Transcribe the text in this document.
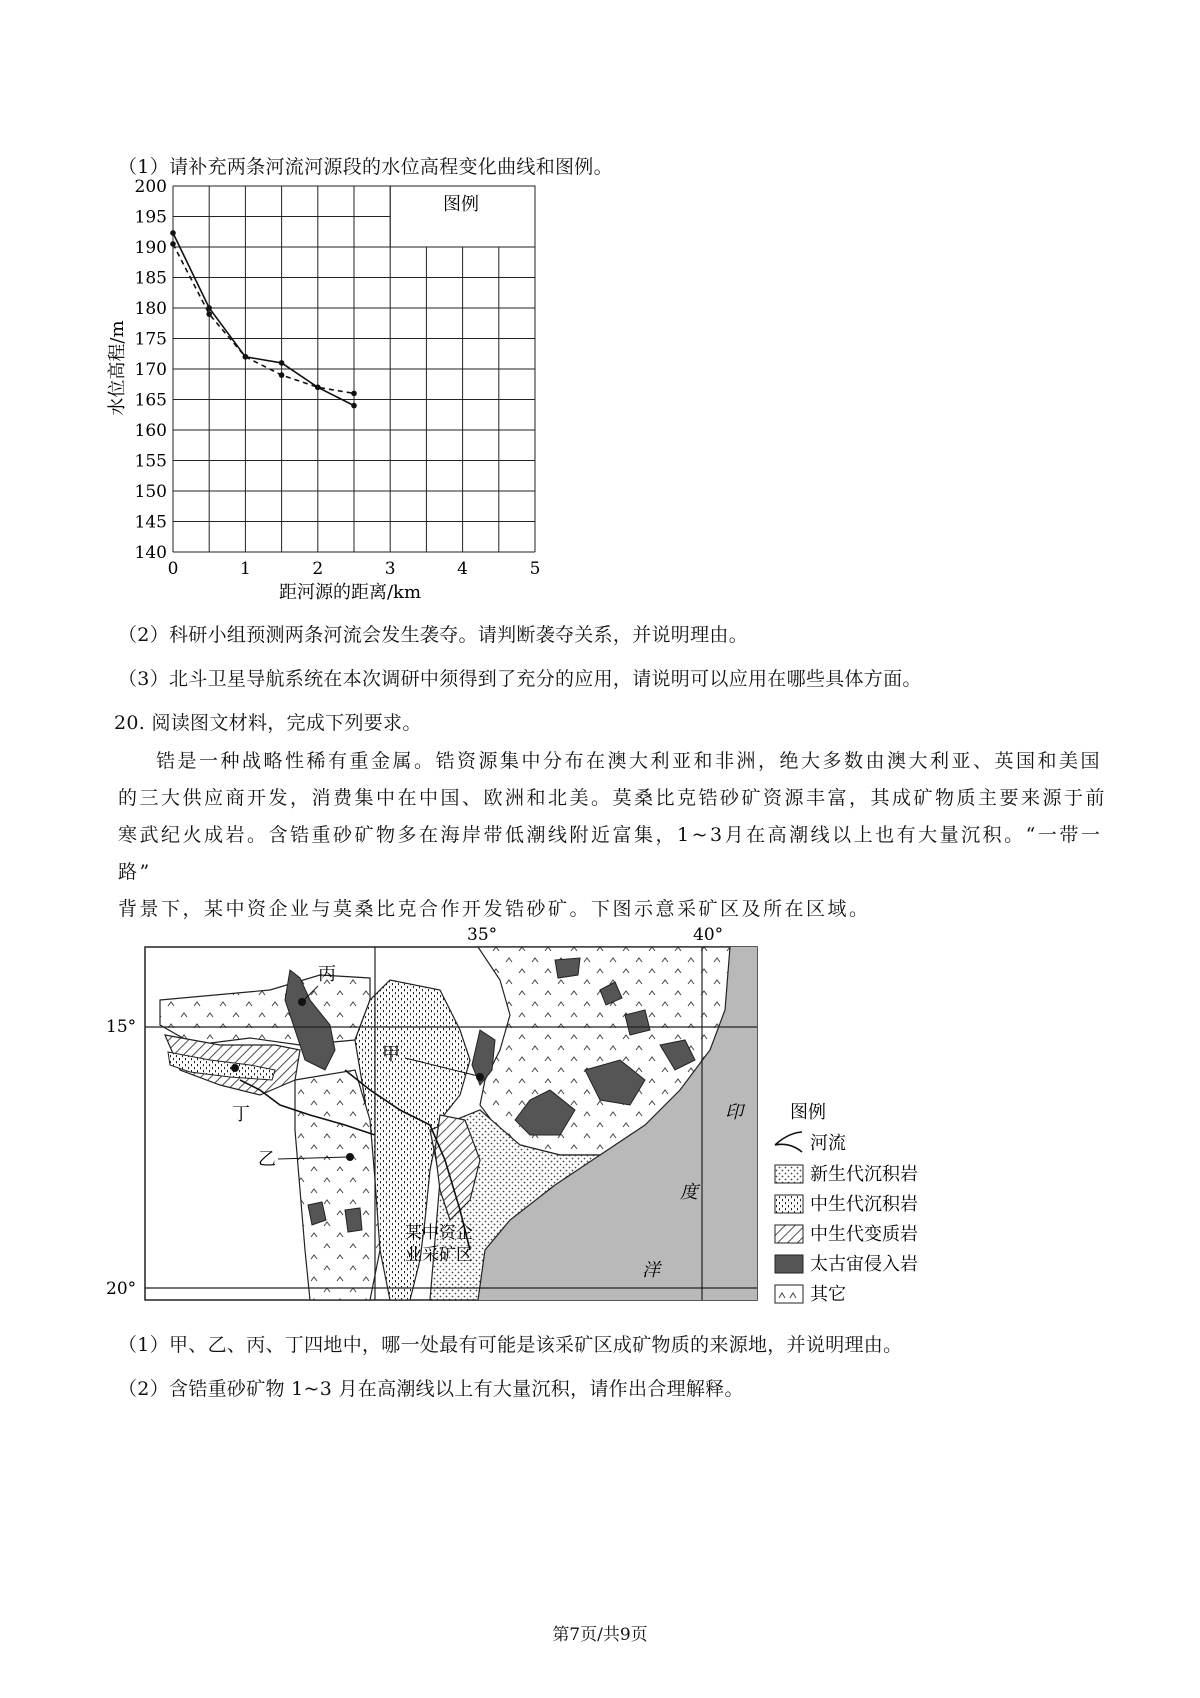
（1）请补充两条河流河源段的水位高程变化曲线和图例。
图例
140
145
150
155
160
165
170
175
180
185
190
195
200
0	1	2	3	4	5
距河源的距离/km
水位高程/m
（2）科研小组预测两条河流会发生袭夺。请判断袭夺关系，并说明理由。
（3）北斗卫星导航系统在本次调研中须得到了充分的应用，请说明可以应用在哪些具体方面。
20. 阅读图文材料，完成下列要求。
锆是一种战略性稀有重金属。锆资源集中分布在澳大利亚和非洲，绝大多数由澳大利亚、英国和美国
的三大供应商开发，消费集中在中国、欧洲和北美。莫桑比克锆砂矿资源丰富，其成矿物质主要来源于前
寒武纪火成岩。含锆重砂矿物多在海岸带低潮线附近富集，1~3月在高潮线以上也有大量沉积。“一带一路”
背景下，某中资企业与莫桑比克合作开发锆砂矿。下图示意采矿区及所在区域。
35°	40°
15°
20°
丙
甲
乙
丁
某中资企
业采矿区
印
度
洋
图例
河流
新生代沉积岩
中生代沉积岩
中生代变质岩
太古宙侵入岩
其它
（1）甲、乙、丙、丁四地中，哪一处最有可能是该采矿区成矿物质的来源地，并说明理由。
（2）含锆重砂矿物 1~3 月在高潮线以上有大量沉积，请作出合理解释。
第7页/共9页
